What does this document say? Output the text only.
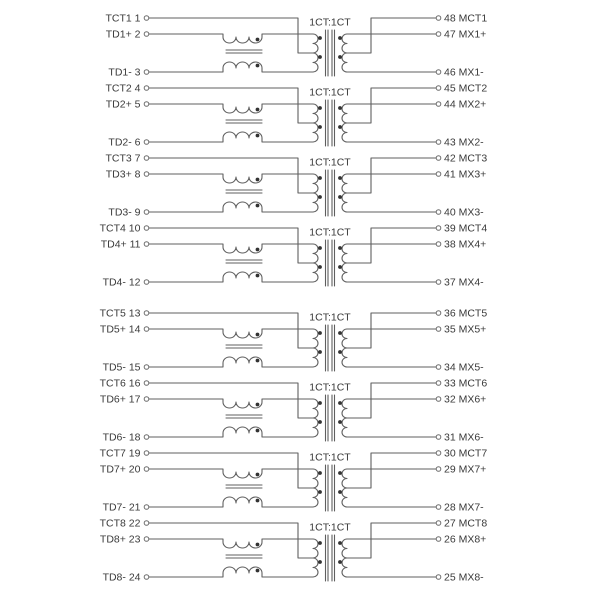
TCT1 1
TD1+ 2
TD1- 3
48 MCT1
47 MX1+
46 MX1-
1CT:1CT
TCT2 4
TD2+ 5
TD2- 6
45 MCT2
44 MX2+
43 MX2-
1CT:1CT
TCT3 7
TD3+ 8
TD3- 9
42 MCT3
41 MX3+
40 MX3-
1CT:1CT
TCT4 10
TD4+ 11
TD4- 12
39 MCT4
38 MX4+
37 MX4-
1CT:1CT
TCT5 13
TD5+ 14
TD5- 15
36 MCT5
35 MX5+
34 MX5-
1CT:1CT
TCT6 16
TD6+ 17
TD6- 18
33 MCT6
32 MX6+
31 MX6-
1CT:1CT
TCT7 19
TD7+ 20
TD7- 21
30 MCT7
29 MX7+
28 MX7-
1CT:1CT
TCT8 22
TD8+ 23
TD8- 24
27 MCT8
26 MX8+
25 MX8-
1CT:1CT
